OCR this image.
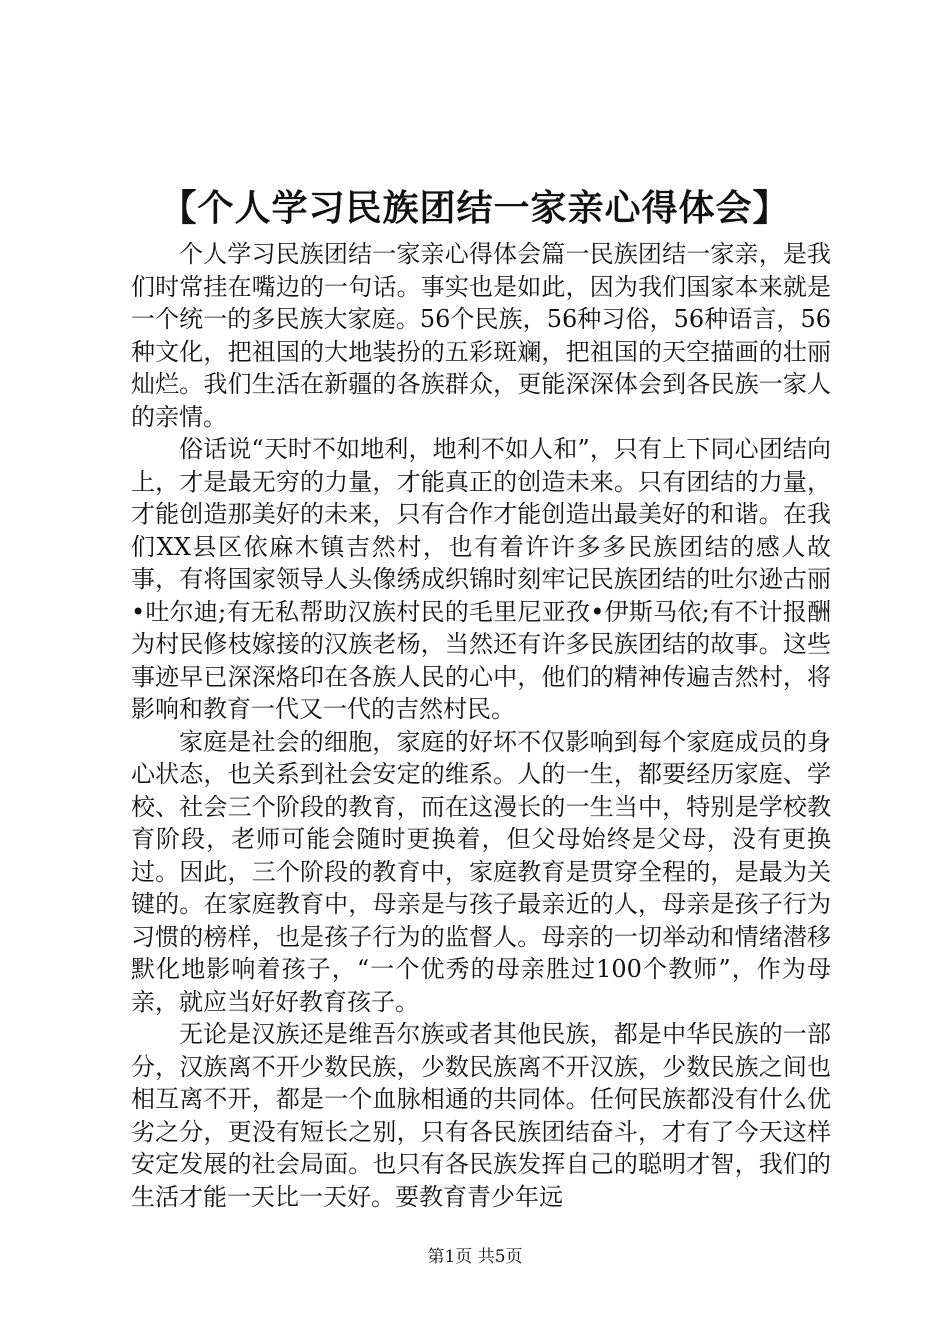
【个人学习民族团结一家亲心得体会】

个人学习民族团结一家亲心得体会篇一民族团结一家亲，是我们时常挂在嘴边的一句话。事实也是如此，因为我们国家本来就是一个统一的多民族大家庭。56个民族，56种习俗，56种语言，56种文化，把祖国的大地装扮的五彩斑斓，把祖国的天空描画的壮丽灿烂。我们生活在新疆的各族群众，更能深深体会到各民族一家人的亲情。

俗话说“天时不如地利，地利不如人和”，只有上下同心团结向上，才是最无穷的力量，才能真正的创造未来。只有团结的力量，才能创造那美好的未来，只有合作才能创造出最美好的和谐。在我们XX县区依麻木镇吉然村，也有着许许多多民族团结的感人故事，有将国家领导人头像绣成织锦时刻牢记民族团结的吐尔逊古丽•吐尔迪;有无私帮助汉族村民的毛里尼亚孜•伊斯马依;有不计报酬为村民修枝嫁接的汉族老杨，当然还有许多民族团结的故事。这些事迹早已深深烙印在各族人民的心中，他们的精神传遍吉然村，将影响和教育一代又一代的吉然村民。

家庭是社会的细胞，家庭的好坏不仅影响到每个家庭成员的身心状态，也关系到社会安定的维系。人的一生，都要经历家庭、学校、社会三个阶段的教育，而在这漫长的一生当中，特别是学校教育阶段，老师可能会随时更换着，但父母始终是父母，没有更换过。因此，三个阶段的教育中，家庭教育是贯穿全程的，是最为关键的。在家庭教育中，母亲是与孩子最亲近的人，母亲是孩子行为习惯的榜样，也是孩子行为的监督人。母亲的一切举动和情绪潜移默化地影响着孩子，“一个优秀的母亲胜过100个教师”，作为母亲，就应当好好教育孩子。

无论是汉族还是维吾尔族或者其他民族，都是中华民族的一部分，汉族离不开少数民族，少数民族离不开汉族，少数民族之间也相互离不开，都是一个血脉相通的共同体。任何民族都没有什么优劣之分，更没有短长之别，只有各民族团结奋斗，才有了今天这样安定发展的社会局面。也只有各民族发挥自己的聪明才智，我们的生活才能一天比一天好。要教育青少年远

第1页 共5页
